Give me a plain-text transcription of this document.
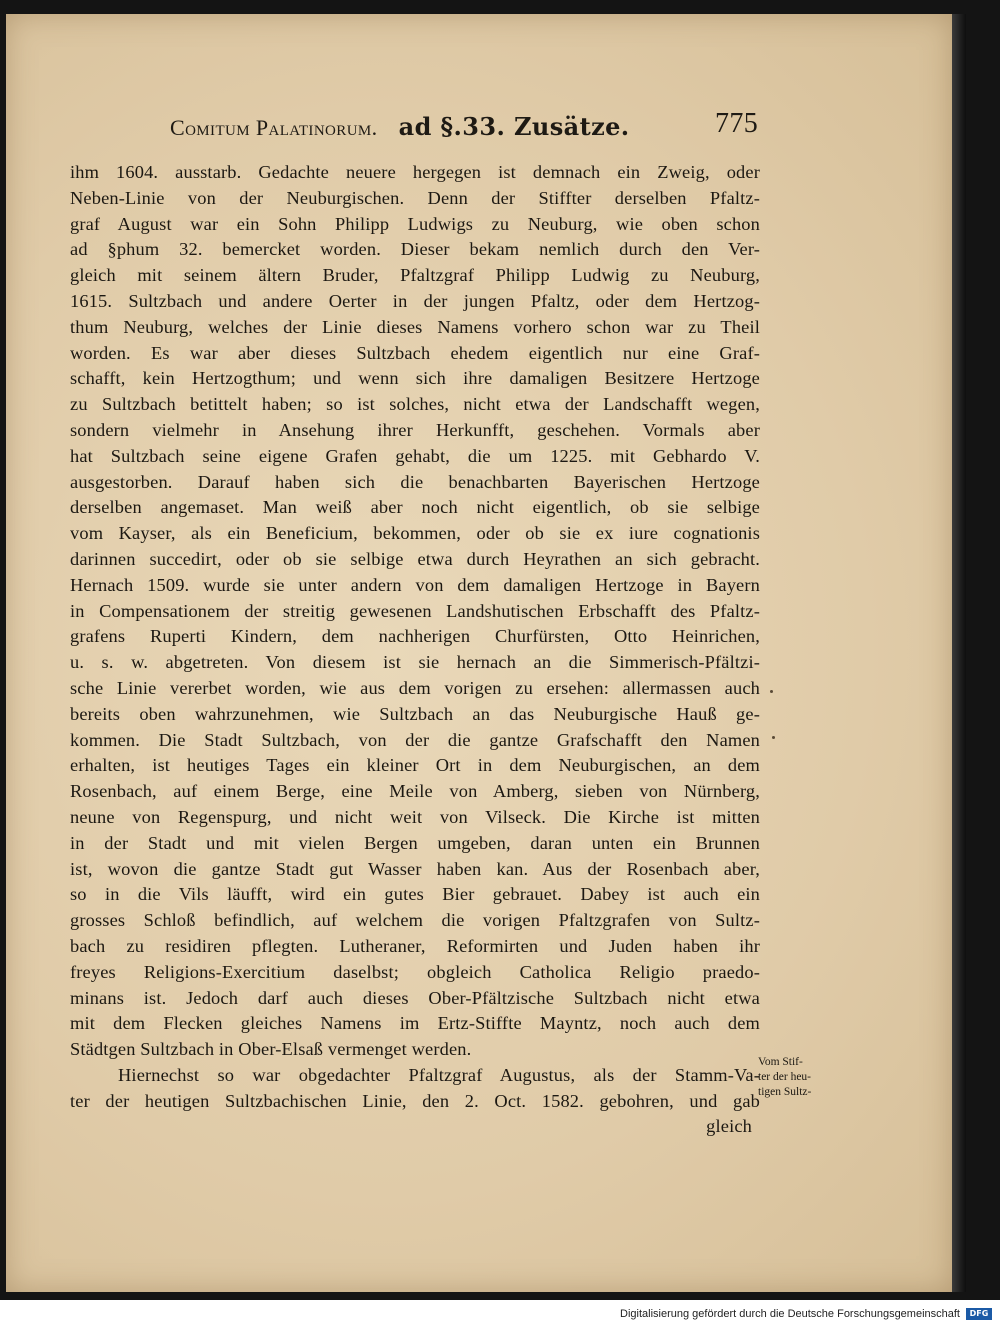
Comitum Palatinorum. ad §.33. Zusätze.	775
ihm 1604. ausstarb. Gedachte neuere hergegen ist demnach ein Zweig, oder
Neben-Linie von der Neuburgischen. Denn der Stiffter derselben Pfaltz-
graf August war ein Sohn Philipp Ludwigs zu Neuburg, wie oben schon
ad §phum 32. bemercket worden. Dieser bekam nemlich durch den Ver-
gleich mit seinem ältern Bruder, Pfaltzgraf Philipp Ludwig zu Neuburg,
1615. Sultzbach und andere Oerter in der jungen Pfaltz, oder dem Hertzog-
thum Neuburg, welches der Linie dieses Namens vorhero schon war zu Theil
worden. Es war aber dieses Sultzbach ehedem eigentlich nur eine Graf-
schafft, kein Hertzogthum; und wenn sich ihre damaligen Besitzere Hertzoge
zu Sultzbach betittelt haben; so ist solches, nicht etwa der Landschafft wegen,
sondern vielmehr in Ansehung ihrer Herkunfft, geschehen. Vormals aber
hat Sultzbach seine eigene Grafen gehabt, die um 1225. mit Gebhardo V.
ausgestorben. Darauf haben sich die benachbarten Bayerischen Hertzoge
derselben angemaset. Man weiß aber noch nicht eigentlich, ob sie selbige
vom Kayser, als ein Beneficium, bekommen, oder ob sie ex iure cognationis
darinnen succedirt, oder ob sie selbige etwa durch Heyrathen an sich gebracht.
Hernach 1509. wurde sie unter andern von dem damaligen Hertzoge in Bayern
in Compensationem der streitig gewesenen Landshutischen Erbschafft des Pfaltz-
grafens Ruperti Kindern, dem nachherigen Churfürsten, Otto Heinrichen,
u. s. w. abgetreten. Von diesem ist sie hernach an die Simmerisch-Pfältzi-
sche Linie vererbet worden, wie aus dem vorigen zu ersehen: allermassen auch
bereits oben wahrzunehmen, wie Sultzbach an das Neuburgische Hauß ge-
kommen. Die Stadt Sultzbach, von der die gantze Grafschafft den Namen
erhalten, ist heutiges Tages ein kleiner Ort in dem Neuburgischen, an dem
Rosenbach, auf einem Berge, eine Meile von Amberg, sieben von Nürnberg,
neune von Regenspurg, und nicht weit von Vilseck. Die Kirche ist mitten
in der Stadt und mit vielen Bergen umgeben, daran unten ein Brunnen
ist, wovon die gantze Stadt gut Wasser haben kan. Aus der Rosenbach aber,
so in die Vils läufft, wird ein gutes Bier gebrauet. Dabey ist auch ein
grosses Schloß befindlich, auf welchem die vorigen Pfaltzgrafen von Sultz-
bach zu residiren pflegten. Lutheraner, Reformirten und Juden haben ihr
freyes Religions-Exercitium daselbst; obgleich Catholica Religio praedo-
minans ist. Jedoch darf auch dieses Ober-Pfältzische Sultzbach nicht etwa
mit dem Flecken gleiches Namens im Ertz-Stiffte Mayntz, noch auch dem
Städtgen Sultzbach in Ober-Elsaß vermenget werden.
Hiernechst so war obgedachter Pfaltzgraf Augustus, als der Stamm-Va-
ter der heutigen Sultzbachischen Linie, den 2. Oct. 1582. gebohren, und gab
gleich
Vom Stif-
ter der heu-
tigen Sultz-
Digitalisierung gefördert durch die Deutsche Forschungsgemeinschaft	DFG
